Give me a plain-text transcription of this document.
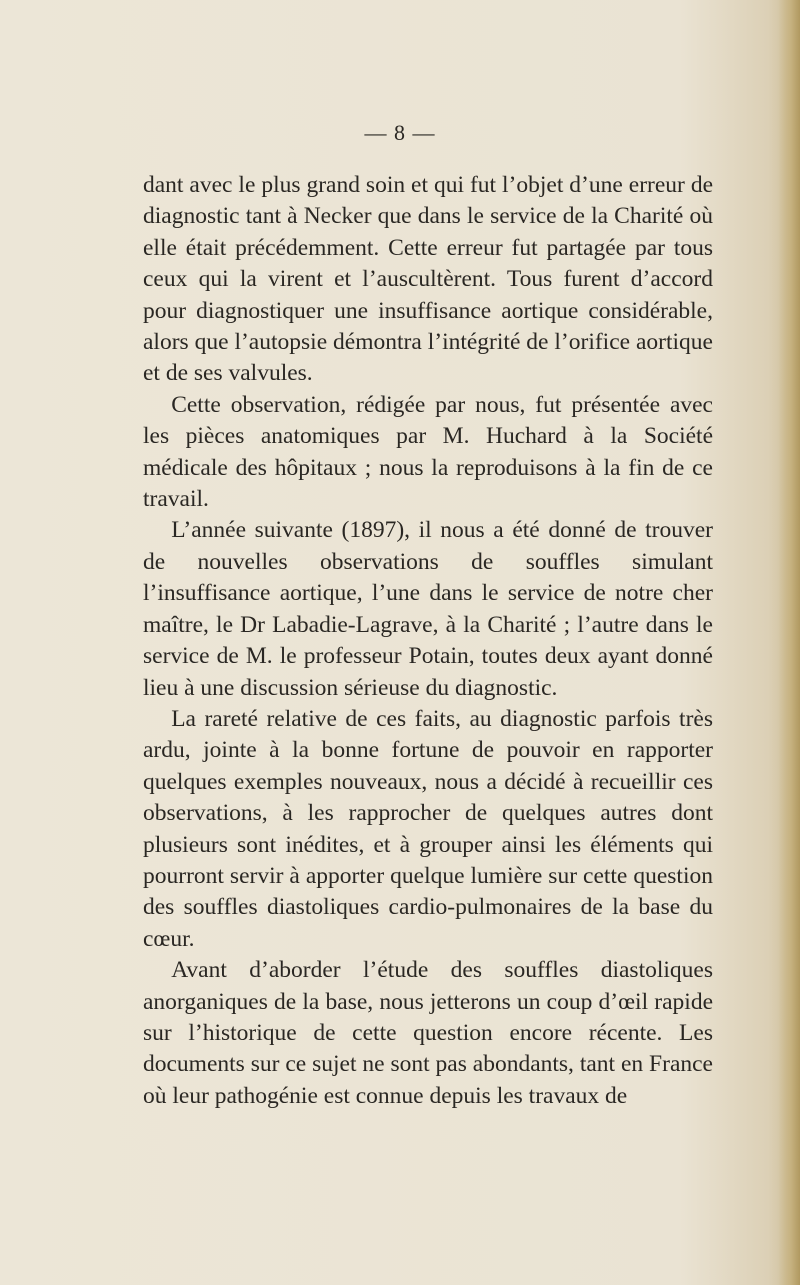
— 8 —

dant avec le plus grand soin et qui fut l’objet d’une erreur de diagnostic tant à Necker que dans le service de la Charité où elle était précédemment. Cette erreur fut partagée par tous ceux qui la virent et l’auscultèrent. Tous furent d’accord pour diagnostiquer une insuffisance aortique considérable, alors que l’autopsie démontra l’intégrité de l’orifice aortique et de ses valvules.

Cette observation, rédigée par nous, fut présentée avec les pièces anatomiques par M. Huchard à la Société médicale des hôpitaux ; nous la reproduisons à la fin de ce travail.

L’année suivante (1897), il nous a été donné de trouver de nouvelles observations de souffles simulant l’insuffisance aortique, l’une dans le service de notre cher maître, le Dr Labadie-Lagrave, à la Charité ; l’autre dans le service de M. le professeur Potain, toutes deux ayant donné lieu à une discussion sérieuse du diagnostic.

La rareté relative de ces faits, au diagnostic parfois très ardu, jointe à la bonne fortune de pouvoir en rapporter quelques exemples nouveaux, nous a décidé à recueillir ces observations, à les rapprocher de quelques autres dont plusieurs sont inédites, et à grouper ainsi les éléments qui pourront servir à apporter quelque lumière sur cette question des souffles diastoliques cardio-pulmonaires de la base du cœur.

Avant d’aborder l’étude des souffles diastoliques anorganiques de la base, nous jetterons un coup d’œil rapide sur l’historique de cette question encore récente. Les documents sur ce sujet ne sont pas abondants, tant en France où leur pathogénie est connue depuis les travaux de
